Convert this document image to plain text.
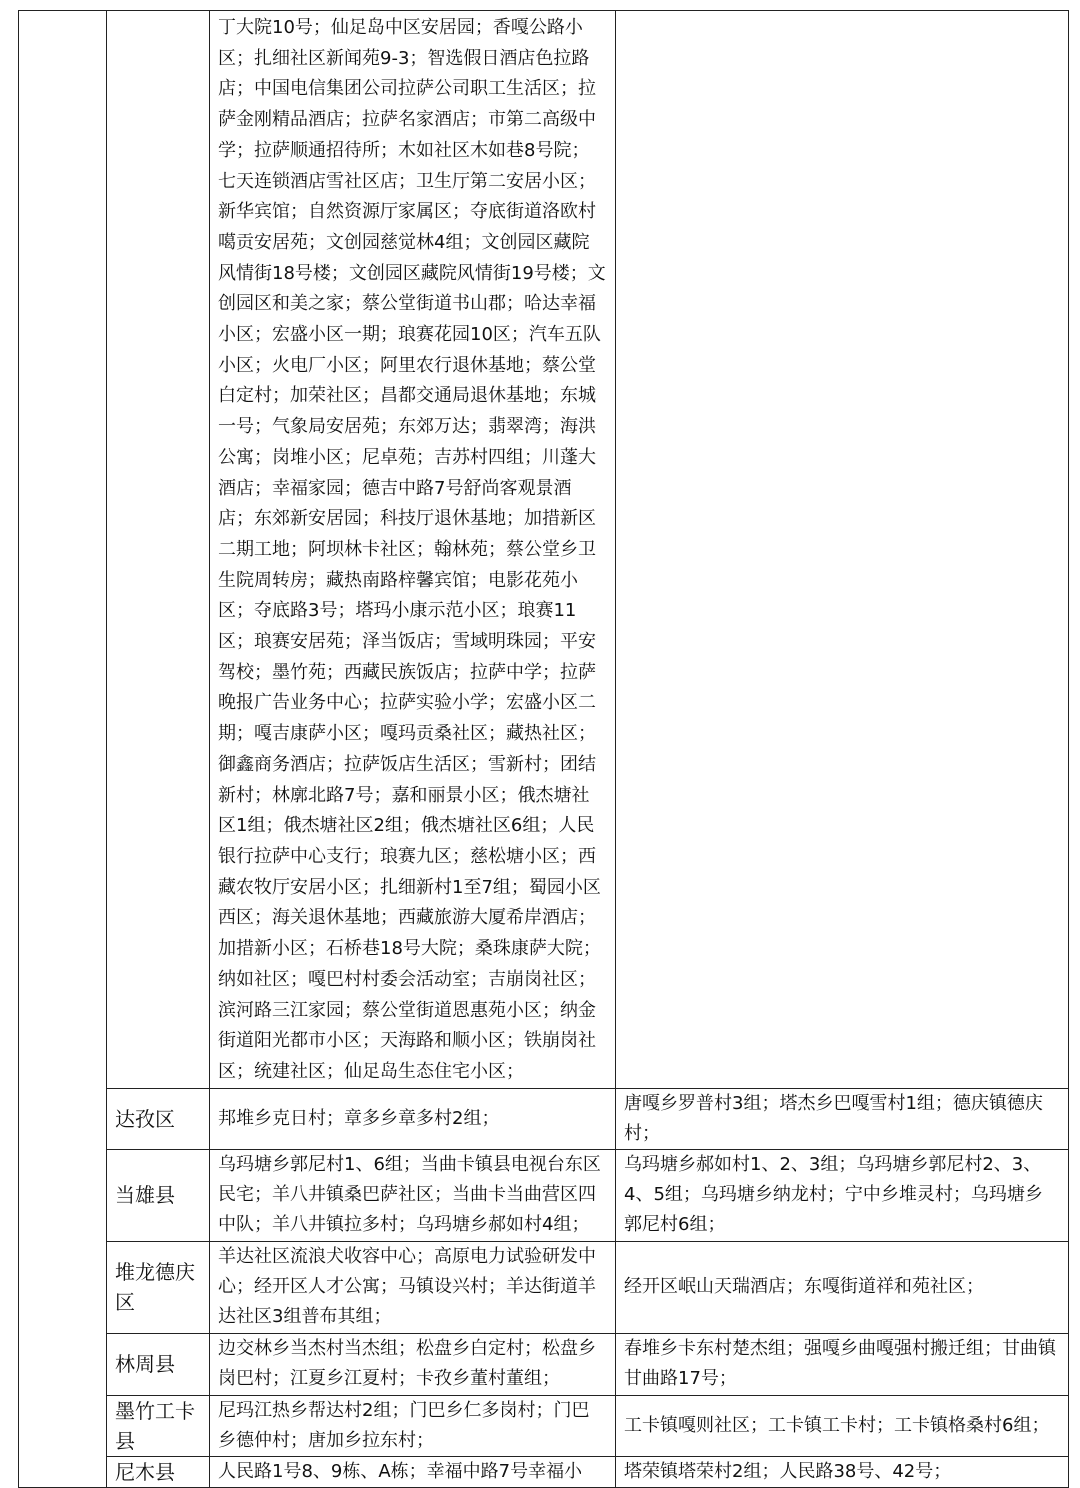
		丁大院10号；仙足岛中区安居园；香嘎公路小区；扎细社区新闻苑9-3；智选假日酒店色拉路店；中国电信集团公司拉萨公司职工生活区；拉萨金刚精品酒店；拉萨名家酒店；市第二高级中学；拉萨顺通招待所；木如社区木如巷8号院；七天连锁酒店雪社区店；卫生厅第二安居小区；新华宾馆；自然资源厅家属区；夺底街道洛欧村噶贡安居苑；文创园慈觉林4组；文创园区藏院风情街18号楼；文创园区藏院风情街19号楼；文创园区和美之家；蔡公堂街道书山郡；哈达幸福小区；宏盛小区一期；琅赛花园10区；汽车五队小区；火电厂小区；阿里农行退休基地；蔡公堂白定村；加荣社区；昌都交通局退休基地；东城一号；气象局安居苑；东郊万达；翡翠湾；海洪公寓；岗堆小区；尼卓苑；吉苏村四组；川蓬大酒店；幸福家园；德吉中路7号舒尚客观景酒店；东郊新安居园；科技厅退休基地；加措新区二期工地；阿坝林卡社区；翰林苑；蔡公堂乡卫生院周转房；藏热南路梓馨宾馆；电影花苑小区；夺底路3号；塔玛小康示范小区；琅赛11区；琅赛安居苑；泽当饭店；雪域明珠园；平安驾校；墨竹苑；西藏民族饭店；拉萨中学；拉萨晚报广告业务中心；拉萨实验小学；宏盛小区二期；嘎吉康萨小区；嘎玛贡桑社区；藏热社区；御鑫商务酒店；拉萨饭店生活区；雪新村；团结新村；林廓北路7号；嘉和丽景小区；俄杰塘社区1组；俄杰塘社区2组；俄杰塘社区6组；人民银行拉萨中心支行；琅赛九区；慈松塘小区；西藏农牧厅安居小区；扎细新村1至7组；蜀园小区西区；海关退休基地；西藏旅游大厦希岸酒店；加措新小区；石桥巷18号大院；桑珠康萨大院；纳如社区；嘎巴村村委会活动室；吉崩岗社区；滨河路三江家园；蔡公堂街道恩惠苑小区；纳金街道阳光都市小区；天海路和顺小区；铁崩岗社区；统建社区；仙足岛生态住宅小区；	
	达孜区	邦堆乡克日村；章多乡章多村2组；	唐嘎乡罗普村3组；塔杰乡巴嘎雪村1组；德庆镇德庆村；
	当雄县	乌玛塘乡郭尼村1、6组；当曲卡镇县电视台东区民宅；羊八井镇桑巴萨社区；当曲卡当曲营区四中队；羊八井镇拉多村；乌玛塘乡郝如村4组；	乌玛塘乡郝如村1、2、3组；乌玛塘乡郭尼村2、3、4、5组；乌玛塘乡纳龙村；宁中乡堆灵村；乌玛塘乡郭尼村6组；
	堆龙德庆区	羊达社区流浪犬收容中心；高原电力试验研发中心；经开区人才公寓；马镇设兴村；羊达街道羊达社区3组普布其组；	经开区岷山天瑞酒店；东嘎街道祥和苑社区；
	林周县	边交林乡当杰村当杰组；松盘乡白定村；松盘乡岗巴村；江夏乡江夏村；卡孜乡董村董组；	春堆乡卡东村楚杰组；强嘎乡曲嘎强村搬迁组；甘曲镇甘曲路17号；
	墨竹工卡县	尼玛江热乡帮达村2组；门巴乡仁多岗村；门巴乡德仲村；唐加乡拉东村；	工卡镇嘎则社区；工卡镇工卡村；工卡镇格桑村6组；
	尼木县	人民路1号8、9栋、A栋；幸福中路7号幸福小	塔荣镇塔荣村2组；人民路38号、42号；
